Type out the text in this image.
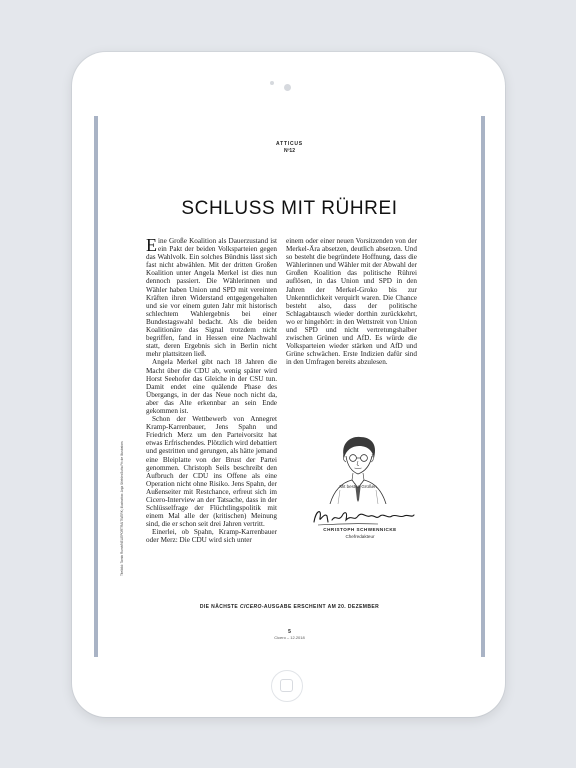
ATTICUS
Nº12
SCHLUSS MIT RÜHREI

Eine Große Koalition als Dauerzustand ist ein Pakt der beiden Volksparteien gegen das Wahlvolk. Ein solches Bündnis lässt sich fast nicht abwählen. Mit der dritten Großen Koalition unter Angela Merkel ist dies nun dennoch passiert. Die Wählerinnen und Wähler haben Union und SPD mit vereinten Kräften ihren Widerstand entgegengehalten und sie vor einem guten Jahr mit historisch schlechtem Wahlergebnis bei einer Bundestagswahl bedacht. Als die beiden Koalitionäre das Signal trotzdem nicht begriffen, fand in Hessen eine Nachwahl statt, deren Ergebnis sich in Berlin nicht mehr plattsitzen ließ.

Angela Merkel gibt nach 18 Jahren die Macht über die CDU ab, wenig später wird Horst Seehofer das Gleiche in der CSU tun. Damit endet eine quälende Phase des Übergangs, in der das Neue noch nicht da, aber das Alte erkennbar an sein Ende gekommen ist.

Schon der Wettbewerb von Annegret Kramp-Karrenbauer, Jens Spahn und Friedrich Merz um den Parteivorsitz hat etwas Erfrischendes. Plötzlich wird debattiert und gestritten und gerungen, als hätte jemand eine Bleiplatte von der Brust der Partei genommen. Christoph Seils beschreibt den Aufbruch der CDU ins Offene als eine Operation nicht ohne Risiko. Jens Spahn, der Außenseiter mit Restchance, erfreut sich im Cicero-Interview an der Tatsache, dass in der Schlüsselfrage der Flüchtlingspolitik mit einem Mal alle der (kritischen) Meinung sind, die er schon seit drei Jahren vertritt.

Einerlei, ob Spahn, Kramp-Karrenbauer oder Merz: Die CDU wird sich unter

einem oder einer neuen Vorsitzenden von der Merkel-Ära absetzen, deutlich absetzen. Und so besteht die begründete Hoffnung, dass die Wählerinnen und Wähler mit der Abwahl der Großen Koalition das politische Rührei auflösen, in das Union und SPD in den Jahren der Merkel-Groko bis zur Unkenntlichkeit verquirlt waren. Die Chance besteht also, dass der politische Schlagabtausch wieder dorthin zurückkehrt, wo er hingehört: in den Wettstreit von Union und SPD und nicht vertretungshalber zwischen Grünen und AfD. Es würde die Volksparteien wieder stärken und AfD und Grüne schwächen. Erste Indizien dafür sind in den Umfragen bereits abzulesen.

Mit besten Grüßen
CHRISTOPH SCHWENNICKE
Chefredakteur
DIE NÄCHSTE CICERO-AUSGABE ERSCHEINT AM 20. DEZEMBER
5
Cicero – 12.2018
Titelbild: Tamin Rumé/NEUEPORTRAITWERK; Illustration: Anja Stiehler/Jutta Fricke Illustrators
